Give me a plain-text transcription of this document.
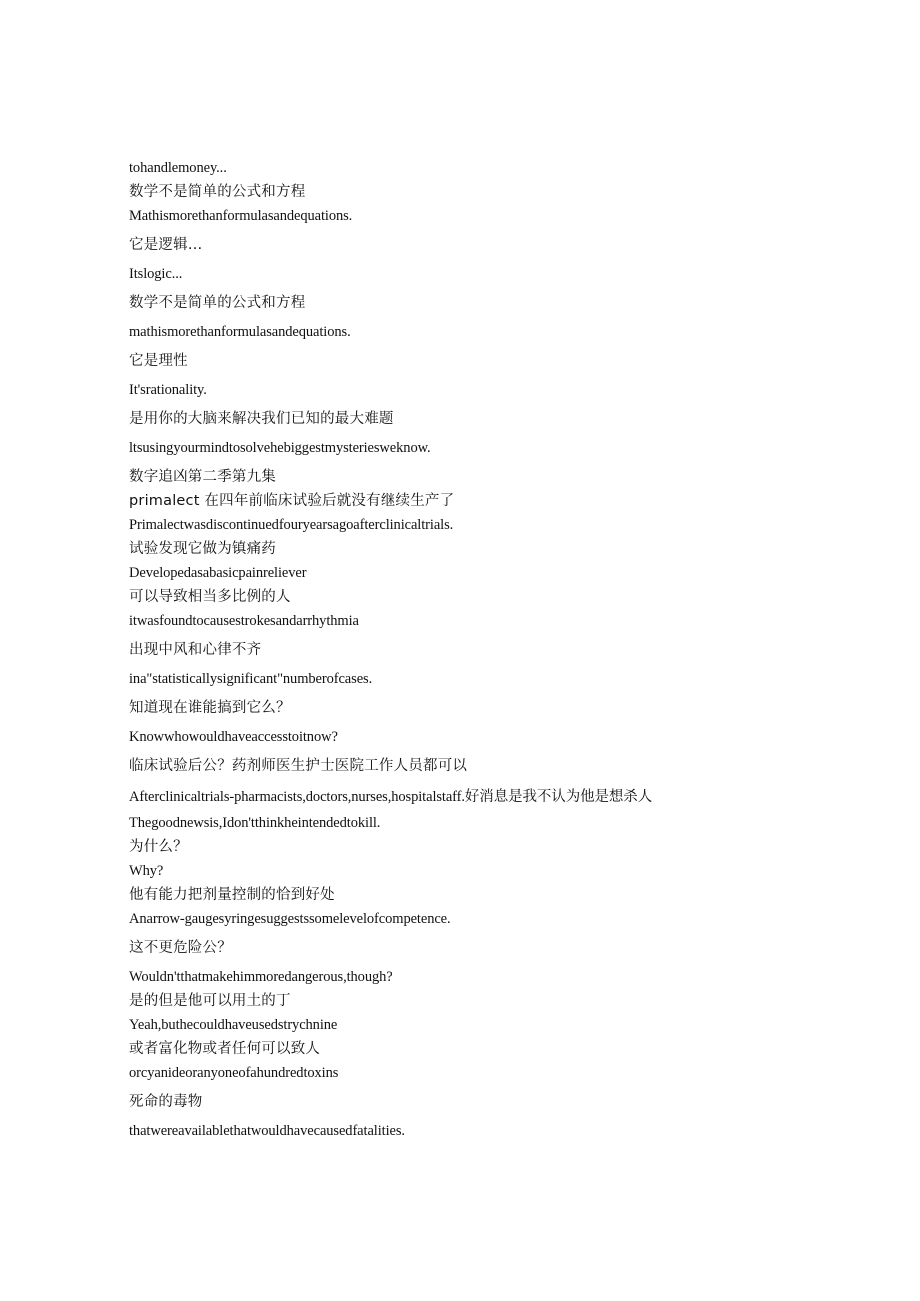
tohandlemoney...

数学不是简单的公式和方程

Mathismorethanformulasandequations.

它是逻辑…

Itslogic...

数学不是简单的公式和方程

mathismorethanformulasandequations.

它是理性

It'srationality.

是用你的大脑来解决我们已知的最大难题

ltsusingyourmindtosolvehebiggestmysteriesweknow.

数字追凶第二季第九集

primalect 在四年前临床试验后就没有继续生产了

Primalectwasdiscontinuedfouryearsagoafterclinicaltrials.

试验发现它做为镇痛药

Developedasabasicpainreliever

可以导致相当多比例的人

itwasfoundtocausestrokesandarrhythmia

出现中风和心律不齐

ina"statisticallysignificant"numberofcases.

知道现在谁能搞到它么？

Knowwhowouldhaveaccesstoitnow?

临床试验后公？药剂师医生护士医院工作人员都可以

Afterclinicaltrials-pharmacists,doctors,nurses,hospitalstaff.好消息是我不认为他是想杀人

Thegoodnewsis,Idon'tthinkheintendedtokill.

为什么？

Why?

他有能力把剂量控制的恰到好处

Anarrow-gaugesyringesuggestssomelevelofcompetence.

这不更危险公？

Wouldn'tthatmakehimmoredangerous,though?

是的但是他可以用土的丁

Yeah,buthecouldhaveusedstrychnine

或者富化物或者任何可以致人

orcyanideoranyoneofahundredtoxins

死命的毒物

thatwereavailablethatwouldhavecausedfatalities.
